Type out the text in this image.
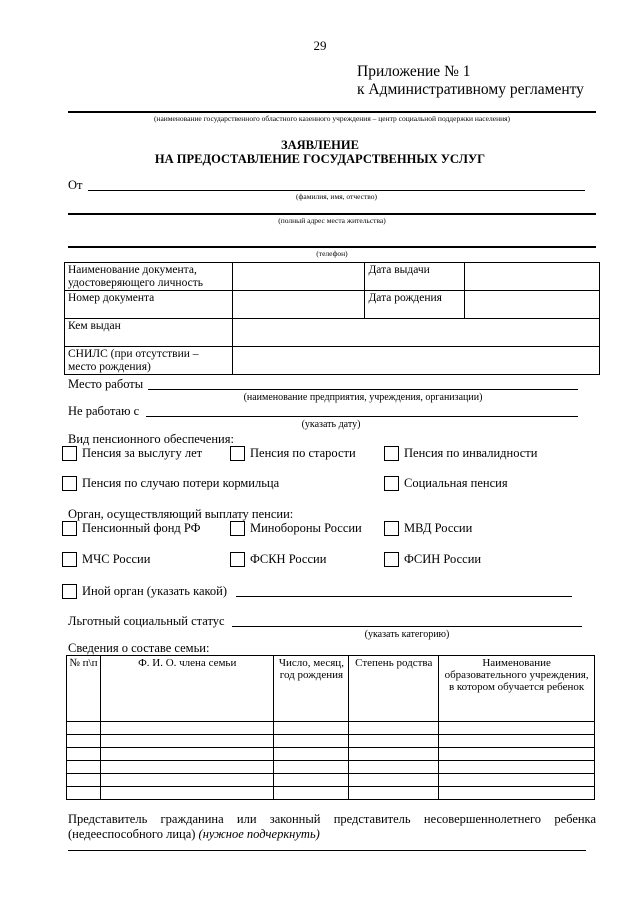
29
Приложение № 1
к Административному регламенту
(наименование государственного областного казенного учреждения – центр социальной поддержки населения)
ЗАЯВЛЕНИЕ
НА ПРЕДОСТАВЛЕНИЕ ГОСУДАРСТВЕННЫХ УСЛУГ
От
(фамилия, имя, отчество)
(полный адрес места жительства)
(телефон)
Наименование документа, удостоверяющего личность		Дата выдачи	
Номер документа		Дата рождения	
Кем выдан			
СНИЛС (при отсутствии – место рождения)			
Место работы
(наименование предприятия, учреждения, организации)
Не работаю с
(указать дату)
Вид пенсионного обеспечения:
Пенсия за выслугу лет	Пенсия по старости	Пенсия по инвалидности
Пенсия по случаю потери кормильца	Социальная пенсия
Орган, осуществляющий выплату пенсии:
Пенсионный фонд РФ	Минобороны России	МВД России
МЧС России	ФСКН России	ФСИН России
Иной орган (указать какой)
Льготный социальный статус
(указать категорию)
Сведения о составе семьи:
№ п\п	Ф. И. О. члена семьи	Число, месяц, год рождения	Степень родства	Наименование образовательного учреждения, в котором обучается ребенок

Представитель гражданина или законный представитель несовершеннолетнего ребенка
(недееспособного лица) (нужное подчеркнуть)
